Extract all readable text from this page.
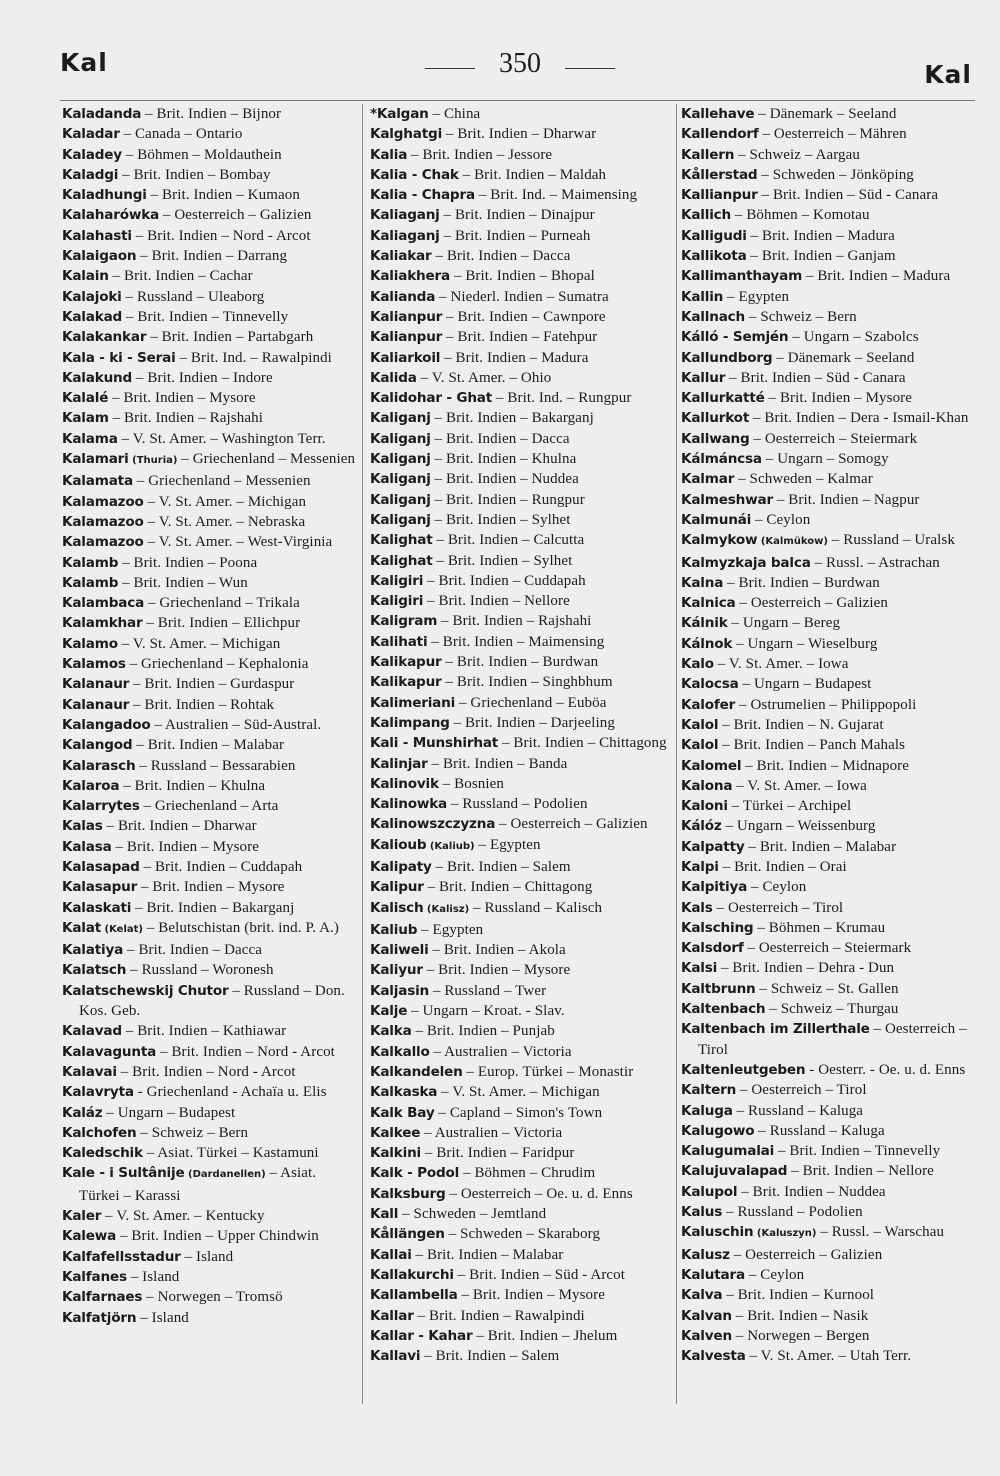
Kal	350	Kal
Kaladanda – Brit. Indien – Bijnor
Kaladar – Canada – Ontario
Kaladey – Böhmen – Moldauthein
Kaladgi – Brit. Indien – Bombay
Kaladhungi – Brit. Indien – Kumaon
Kalaharówka – Oesterreich – Galizien
Kalahasti – Brit. Indien – Nord - Arcot
Kalaigaon – Brit. Indien – Darrang
Kalain – Brit. Indien – Cachar
Kalajoki – Russland – Uleaborg
Kalakad – Brit. Indien – Tinnevelly
Kalakankar – Brit. Indien – Partabgarh
Kala - ki - Serai – Brit. Ind. – Rawalpindi
Kalakund – Brit. Indien – Indore
Kalalé – Brit. Indien – Mysore
Kalam – Brit. Indien – Rajshahi
Kalama – V. St. Amer. – Washington Terr.
Kalamari (Thuria) – Griechenland – Messenien
Kalamata – Griechenland – Messenien
Kalamazoo – V. St. Amer. – Michigan
Kalamazoo – V. St. Amer. – Nebraska
Kalamazoo – V. St. Amer. – West-Virginia
Kalamb – Brit. Indien – Poona
Kalamb – Brit. Indien – Wun
Kalambaca – Griechenland – Trikala
Kalamkhar – Brit. Indien – Ellichpur
Kalamo – V. St. Amer. – Michigan
Kalamos – Griechenland – Kephalonia
Kalanaur – Brit. Indien – Gurdaspur
Kalanaur – Brit. Indien – Rohtak
Kalangadoo – Australien – Süd-Austral.
Kalangod – Brit. Indien – Malabar
Kalarasch – Russland – Bessarabien
Kalaroa – Brit. Indien – Khulna
Kalarrytes – Griechenland – Arta
Kalas – Brit. Indien – Dharwar
Kalasa – Brit. Indien – Mysore
Kalasapad – Brit. Indien – Cuddapah
Kalasapur – Brit. Indien – Mysore
Kalaskati – Brit. Indien – Bakarganj
Kalat (Kelat) – Belutschistan (brit. ind. P. A.)
Kalatiya – Brit. Indien – Dacca
Kalatsch – Russland – Woronesh
Kalatschewskij Chutor – Russland – Don. Kos. Geb.
Kalavad – Brit. Indien – Kathiawar
Kalavagunta – Brit. Indien – Nord - Arcot
Kalavai – Brit. Indien – Nord - Arcot
Kalavryta - Griechenland - Achaïa u. Elis
Kaláz – Ungarn – Budapest
Kalchofen – Schweiz – Bern
Kaledschik – Asiat. Türkei – Kastamuni
Kale - i Sultânije (Dardanellen) – Asiat. Türkei – Karassi
Kaler – V. St. Amer. – Kentucky
Kalewa – Brit. Indien – Upper Chindwin
Kalfafellsstadur – Island
Kalfanes – Island
Kalfarnaes – Norwegen – Tromsö
Kalfatjörn – Island
*Kalgan – China
Kalghatgi – Brit. Indien – Dharwar
Kalia – Brit. Indien – Jessore
Kalia - Chak – Brit. Indien – Maldah
Kalia - Chapra – Brit. Ind. – Maimensing
Kaliaganj – Brit. Indien – Dinajpur
Kaliaganj – Brit. Indien – Purneah
Kaliakar – Brit. Indien – Dacca
Kaliakhera – Brit. Indien – Bhopal
Kalianda – Niederl. Indien – Sumatra
Kalianpur – Brit. Indien – Cawnpore
Kalianpur – Brit. Indien – Fatehpur
Kaliarkoil – Brit. Indien – Madura
Kalida – V. St. Amer. – Ohio
Kalidohar - Ghat – Brit. Ind. – Rungpur
Kaliganj – Brit. Indien – Bakarganj
Kaliganj – Brit. Indien – Dacca
Kaliganj – Brit. Indien – Khulna
Kaliganj – Brit. Indien – Nuddea
Kaliganj – Brit. Indien – Rungpur
Kaliganj – Brit. Indien – Sylhet
Kalighat – Brit. Indien – Calcutta
Kalighat – Brit. Indien – Sylhet
Kaligiri – Brit. Indien – Cuddapah
Kaligiri – Brit. Indien – Nellore
Kaligram – Brit. Indien – Rajshahi
Kalihati – Brit. Indien – Maimensing
Kalikapur – Brit. Indien – Burdwan
Kalikapur – Brit. Indien – Singhbhum
Kalimeriani – Griechenland – Euböa
Kalimpang – Brit. Indien – Darjeeling
Kali - Munshirhat – Brit. Indien – Chittagong
Kalinjar – Brit. Indien – Banda
Kalinovik – Bosnien
Kalinowka – Russland – Podolien
Kalinowszczyzna – Oesterreich – Galizien
Kalioub (Kaliub) – Egypten
Kalipaty – Brit. Indien – Salem
Kalipur – Brit. Indien – Chittagong
Kalisch (Kalisz) – Russland – Kalisch
Kaliub – Egypten
Kaliweli – Brit. Indien – Akola
Kaliyur – Brit. Indien – Mysore
Kaljasin – Russland – Twer
Kalje – Ungarn – Kroat. - Slav.
Kalka – Brit. Indien – Punjab
Kalkallo – Australien – Victoria
Kalkandelen – Europ. Türkei – Monastir
Kalkaska – V. St. Amer. – Michigan
Kalk Bay – Capland – Simon's Town
Kalkee – Australien – Victoria
Kalkini – Brit. Indien – Faridpur
Kalk - Podol – Böhmen – Chrudim
Kalksburg – Oesterreich – Oe. u. d. Enns
Kall – Schweden – Jemtland
Kållängen – Schweden – Skaraborg
Kallai – Brit. Indien – Malabar
Kallakurchi – Brit. Indien – Süd - Arcot
Kallambella – Brit. Indien – Mysore
Kallar – Brit. Indien – Rawalpindi
Kallar - Kahar – Brit. Indien – Jhelum
Kallavi – Brit. Indien – Salem
Kallehave – Dänemark – Seeland
Kallendorf – Oesterreich – Mähren
Kallern – Schweiz – Aargau
Kållerstad – Schweden – Jönköping
Kallianpur – Brit. Indien – Süd - Canara
Kallich – Böhmen – Komotau
Kalligudi – Brit. Indien – Madura
Kallikota – Brit. Indien – Ganjam
Kallimanthayam – Brit. Indien – Madura
Kallin – Egypten
Kallnach – Schweiz – Bern
Kálló - Semjén – Ungarn – Szabolcs
Kallundborg – Dänemark – Seeland
Kallur – Brit. Indien – Süd - Canara
Kallurkatté – Brit. Indien – Mysore
Kallurkot – Brit. Indien – Dera - Ismail-Khan
Kallwang – Oesterreich – Steiermark
Kálmáncsa – Ungarn – Somogy
Kalmar – Schweden – Kalmar
Kalmeshwar – Brit. Indien – Nagpur
Kalmunái – Ceylon
Kalmykow (Kalmükow) – Russland – Uralsk
Kalmyzkaja balca – Russl. – Astrachan
Kalna – Brit. Indien – Burdwan
Kalnica – Oesterreich – Galizien
Kálnik – Ungarn – Bereg
Kálnok – Ungarn – Wieselburg
Kalo – V. St. Amer. – Iowa
Kalocsa – Ungarn – Budapest
Kalofer – Ostrumelien – Philippopoli
Kalol – Brit. Indien – N. Gujarat
Kalol – Brit. Indien – Panch Mahals
Kalomel – Brit. Indien – Midnapore
Kalona – V. St. Amer. – Iowa
Kaloni – Türkei – Archipel
Kálóz – Ungarn – Weissenburg
Kalpatty – Brit. Indien – Malabar
Kalpi – Brit. Indien – Orai
Kalpitiya – Ceylon
Kals – Oesterreich – Tirol
Kalsching – Böhmen – Krumau
Kalsdorf – Oesterreich – Steiermark
Kalsi – Brit. Indien – Dehra - Dun
Kaltbrunn – Schweiz – St. Gallen
Kaltenbach – Schweiz – Thurgau
Kaltenbach im Zillerthale – Oesterreich – Tirol
Kaltenleutgeben - Oesterr. - Oe. u. d. Enns
Kaltern – Oesterreich – Tirol
Kaluga – Russland – Kaluga
Kalugowo – Russland – Kaluga
Kalugumalai – Brit. Indien – Tinnevelly
Kalujuvalapad – Brit. Indien – Nellore
Kalupol – Brit. Indien – Nuddea
Kalus – Russland – Podolien
Kaluschin (Kaluszyn) – Russl. – Warschau
Kalusz – Oesterreich – Galizien
Kalutara – Ceylon
Kalva – Brit. Indien – Kurnool
Kalvan – Brit. Indien – Nasik
Kalven – Norwegen – Bergen
Kalvesta – V. St. Amer. – Utah Terr.
